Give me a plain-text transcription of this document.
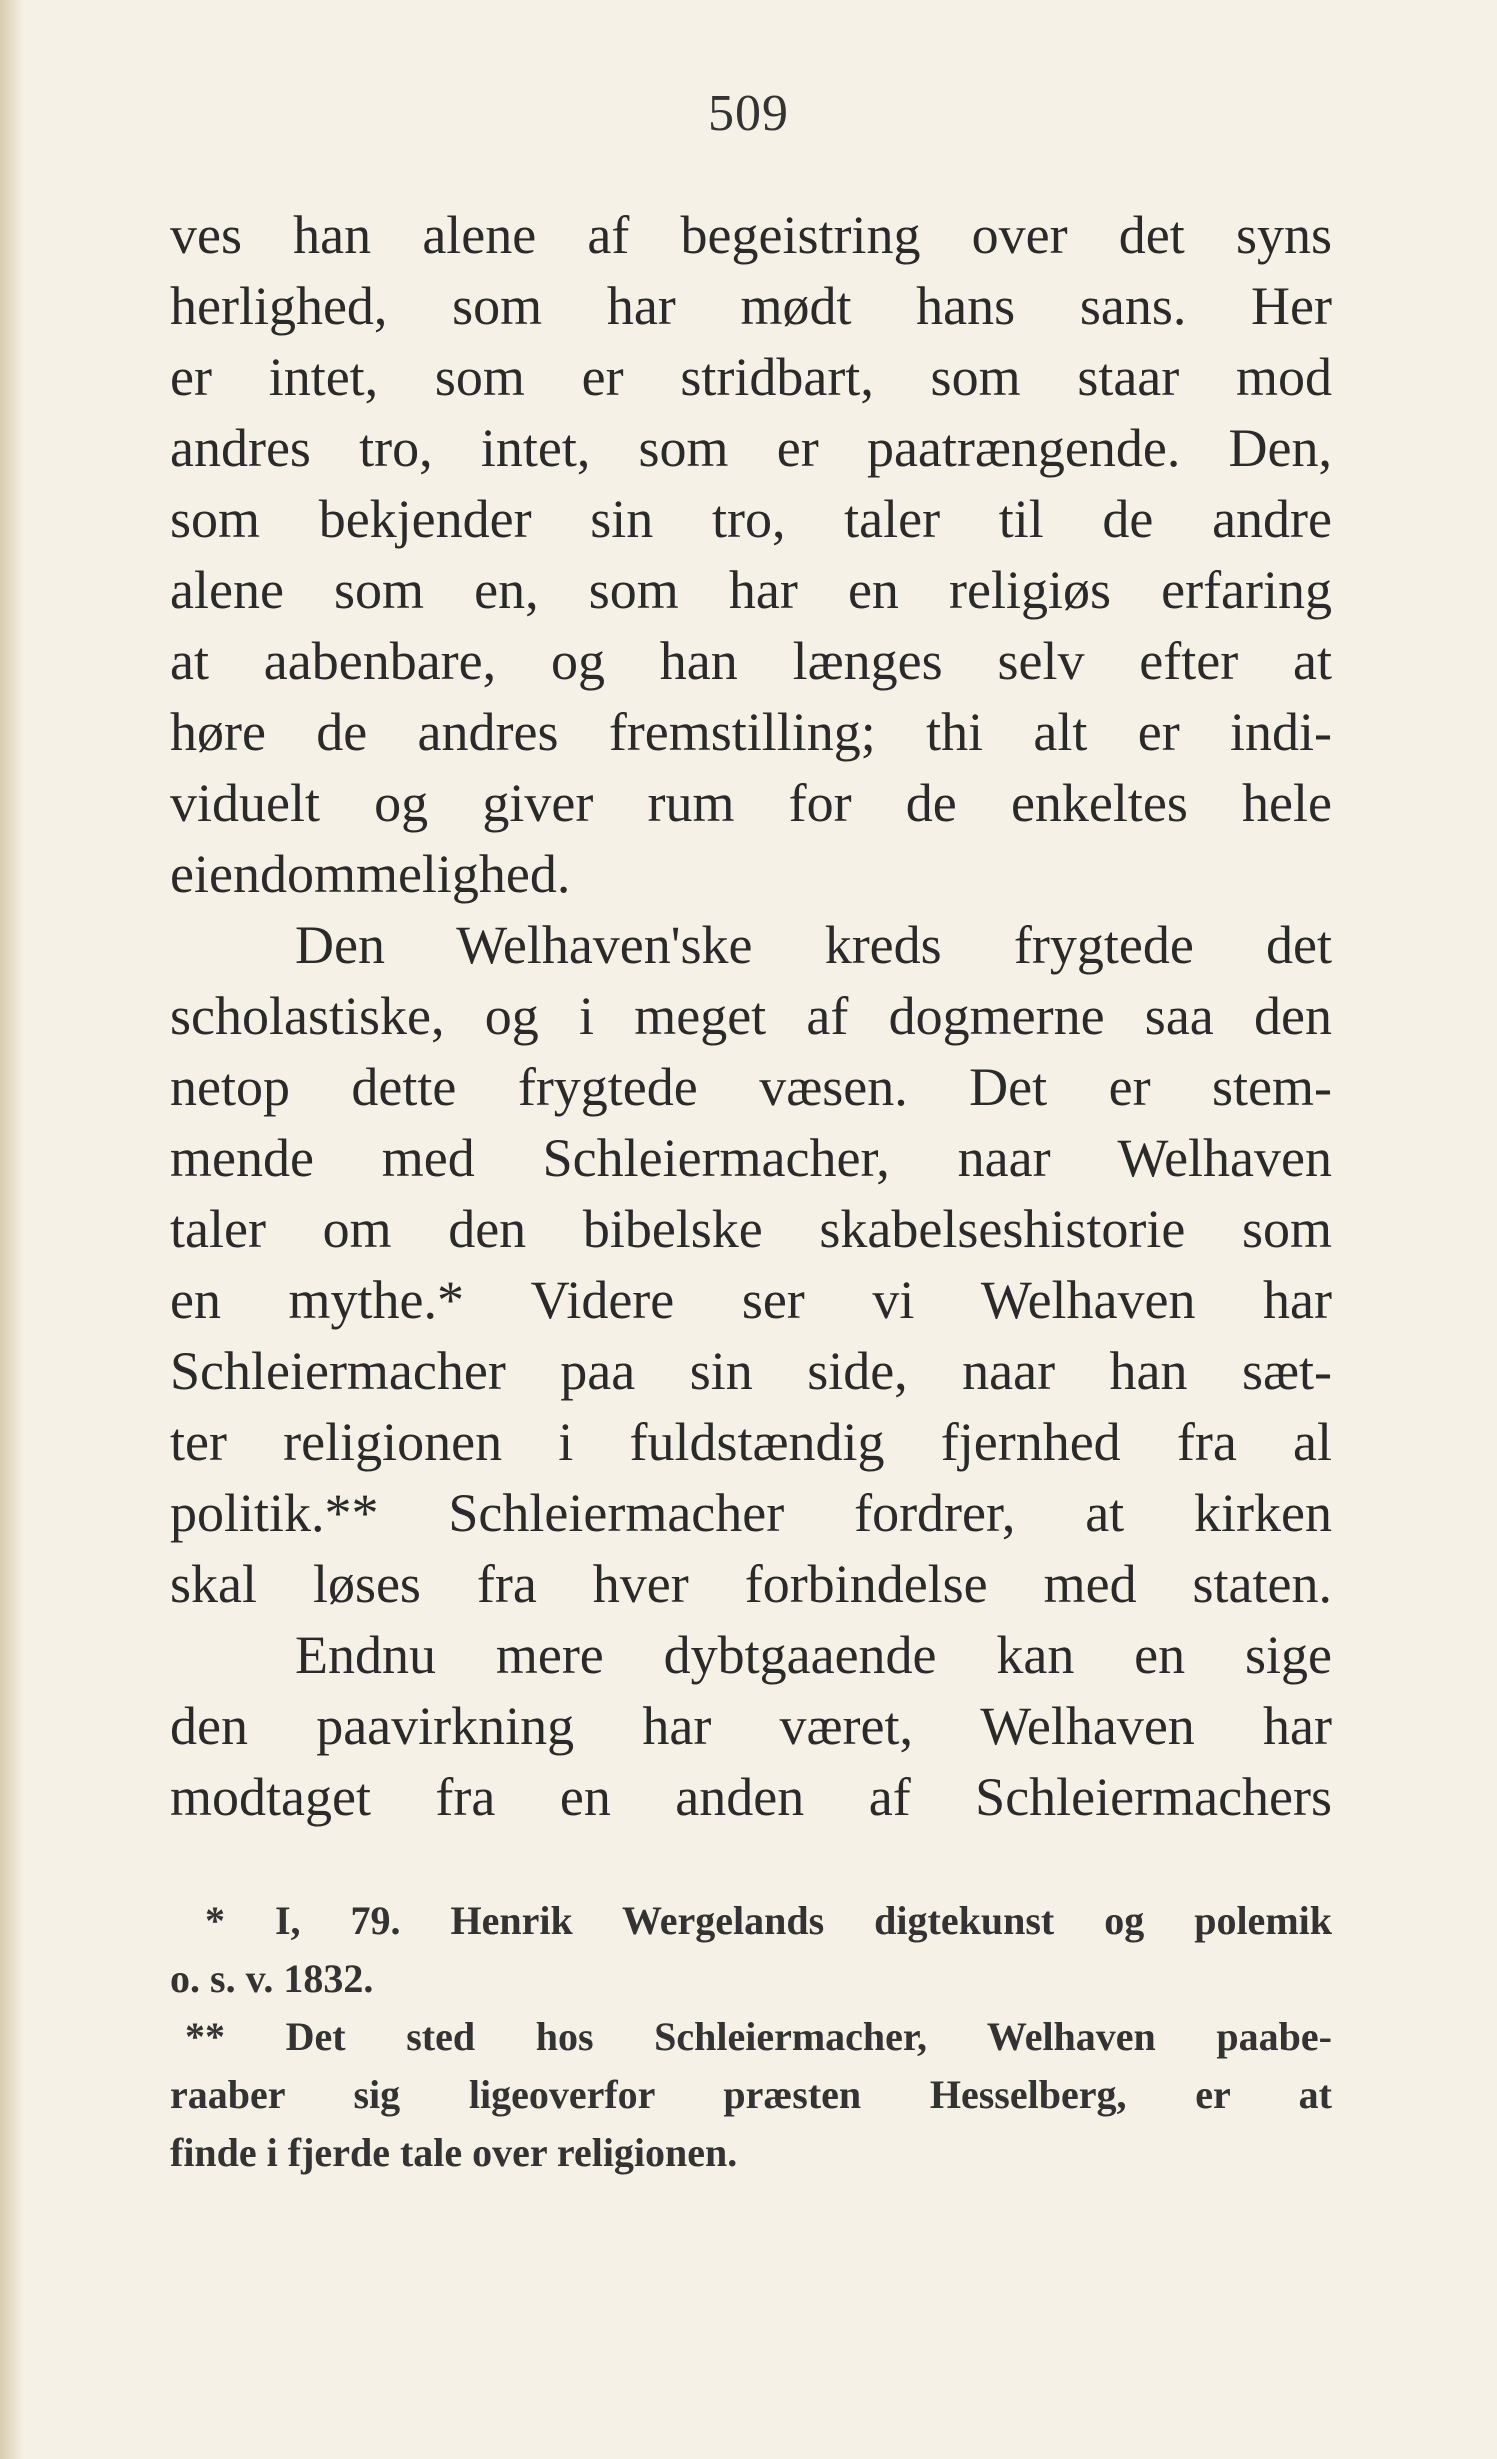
509
ves han alene af begeistring over det syns
herlighed, som har mødt hans sans. Her
er intet, som er stridbart, som staar mod
andres tro, intet, som er paatrængende. Den,
som bekjender sin tro, taler til de andre
alene som en, som har en religiøs erfaring
at aabenbare, og han længes selv efter at
høre de andres fremstilling; thi alt er indi-
viduelt og giver rum for de enkeltes hele
eiendommelighed.
Den Welhaven'ske kreds frygtede det
scholastiske, og i meget af dogmerne saa den
netop dette frygtede væsen. Det er stem-
mende med Schleiermacher, naar Welhaven
taler om den bibelske skabelseshistorie som
en mythe.* Videre ser vi Welhaven har
Schleiermacher paa sin side, naar han sæt-
ter religionen i fuldstændig fjernhed fra al
politik.** Schleiermacher fordrer, at kirken
skal løses fra hver forbindelse med staten.
Endnu mere dybtgaaende kan en sige
den paavirkning har været, Welhaven har
modtaget fra en anden af Schleiermachers
* I, 79. Henrik Wergelands digtekunst og polemik
o. s. v. 1832.
** Det sted hos Schleiermacher, Welhaven paabe-
raaber sig ligeoverfor præsten Hesselberg, er at
finde i fjerde tale over religionen.
